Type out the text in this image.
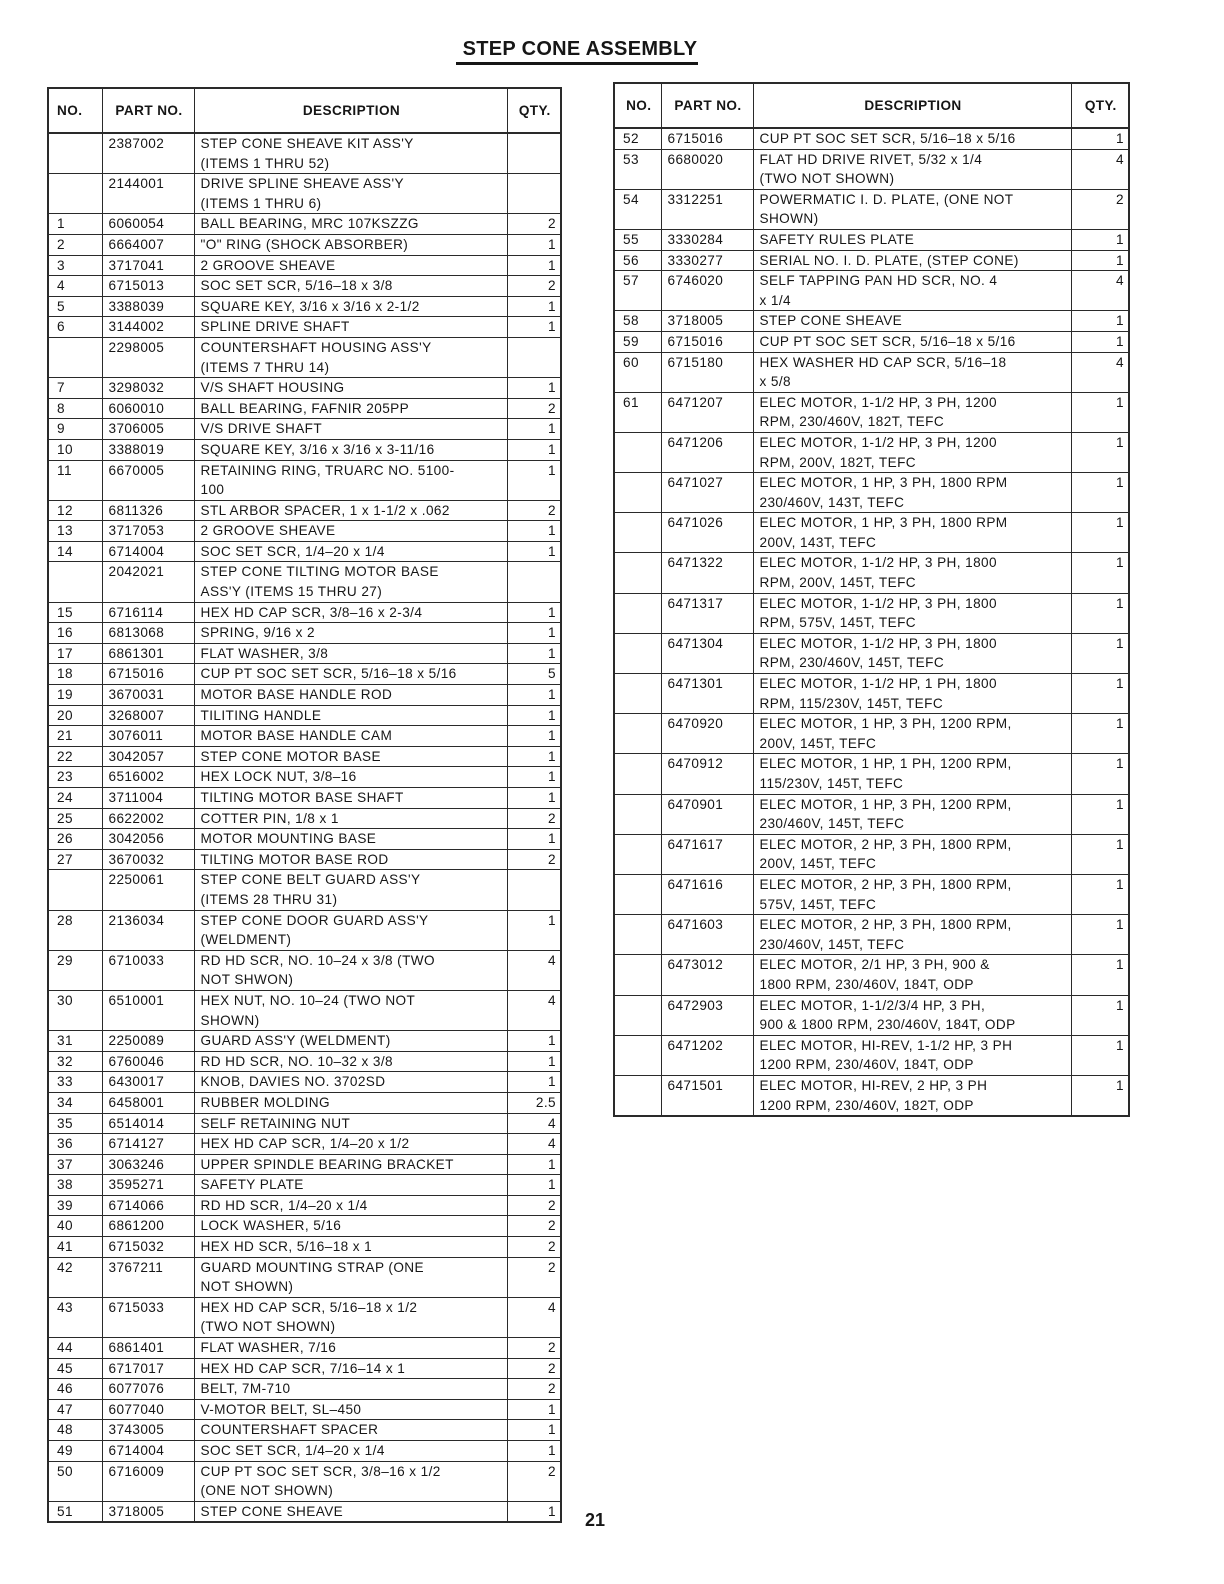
STEP CONE ASSEMBLY
NO.	PART NO.	DESCRIPTION	QTY.
	2387002	STEP CONE SHEAVE KIT ASS'Y
(ITEMS 1 THRU 52)	

	2144001	DRIVE SPLINE SHEAVE ASS'Y
(ITEMS 1 THRU 6)	

1	6060054	BALL BEARING, MRC 107KSZZG	2
2	6664007	"O" RING (SHOCK ABSORBER)	1
3	3717041	2 GROOVE SHEAVE	1
4	6715013	SOC SET SCR, 5/16–18 x 3/8	2
5	3388039	SQUARE KEY, 3/16 x 3/16 x 2-1/2	1
6	3144002	SPLINE DRIVE SHAFT	1
	2298005	COUNTERSHAFT HOUSING ASS'Y
(ITEMS 7 THRU 14)	

7	3298032	V/S SHAFT HOUSING	1
8	6060010	BALL BEARING, FAFNIR 205PP	2
9	3706005	V/S DRIVE SHAFT	1
10	3388019	SQUARE KEY, 3/16 x 3/16 x 3-11/16	1
11	6670005	RETAINING RING, TRUARC NO. 5100-
100	1
12	6811326	STL ARBOR SPACER, 1 x 1-1/2 x .062	2
13	3717053	2 GROOVE SHEAVE	1
14	6714004	SOC SET SCR, 1/4–20 x 1/4	1
	2042021	STEP CONE TILTING MOTOR BASE
ASS'Y (ITEMS 15 THRU 27)	

15	6716114	HEX HD CAP SCR, 3/8–16 x 2-3/4	1
16	6813068	SPRING, 9/16 x 2	1
17	6861301	FLAT WASHER, 3/8	1
18	6715016	CUP PT SOC SET SCR, 5/16–18 x 5/16	5
19	3670031	MOTOR BASE HANDLE ROD	1
20	3268007	TILITING HANDLE	1
21	3076011	MOTOR BASE HANDLE CAM	1
22	3042057	STEP CONE MOTOR BASE	1
23	6516002	HEX LOCK NUT, 3/8–16	1
24	3711004	TILTING MOTOR BASE SHAFT	1
25	6622002	COTTER PIN, 1/8 x 1	2
26	3042056	MOTOR MOUNTING BASE	1
27	3670032	TILTING MOTOR BASE ROD	2
	2250061	STEP CONE BELT GUARD ASS'Y
(ITEMS 28 THRU 31)	

28	2136034	STEP CONE DOOR GUARD ASS'Y
(WELDMENT)	1
29	6710033	RD HD SCR, NO. 10–24 x 3/8 (TWO
NOT SHWON)	4
30	6510001	HEX NUT, NO. 10–24 (TWO NOT
SHOWN)	4
31	2250089	GUARD ASS'Y (WELDMENT)	1
32	6760046	RD HD SCR, NO. 10–32 x 3/8	1
33	6430017	KNOB, DAVIES NO. 3702SD	1
34	6458001	RUBBER MOLDING	2.5
35	6514014	SELF RETAINING NUT	4
36	6714127	HEX HD CAP SCR, 1/4–20 x 1/2	4
37	3063246	UPPER SPINDLE BEARING BRACKET	1
38	3595271	SAFETY PLATE	1
39	6714066	RD HD SCR, 1/4–20 x 1/4	2
40	6861200	LOCK WASHER, 5/16	2
41	6715032	HEX HD SCR, 5/16–18 x 1	2
42	3767211	GUARD MOUNTING STRAP (ONE
NOT SHOWN)	2
43	6715033	HEX HD CAP SCR, 5/16–18 x 1/2
(TWO NOT SHOWN)	4
44	6861401	FLAT WASHER, 7/16	2
45	6717017	HEX HD CAP SCR, 7/16–14 x 1	2
46	6077076	BELT, 7M-710	2
47	6077040	V-MOTOR BELT, SL–450	1
48	3743005	COUNTERSHAFT SPACER	1
49	6714004	SOC SET SCR, 1/4–20 x 1/4	1
50	6716009	CUP PT SOC SET SCR, 3/8–16 x 1/2
(ONE NOT SHOWN)	2
51	3718005	STEP CONE SHEAVE	1
NO.	PART NO.	DESCRIPTION	QTY.
52	6715016	CUP PT SOC SET SCR, 5/16–18 x 5/16	1
53	6680020	FLAT HD DRIVE RIVET, 5/32 x 1/4
(TWO NOT SHOWN)	4
54	3312251	POWERMATIC I. D. PLATE, (ONE NOT
SHOWN)	2
55	3330284	SAFETY RULES PLATE	1
56	3330277	SERIAL NO. I. D. PLATE, (STEP CONE)	1
57	6746020	SELF TAPPING PAN HD SCR, NO. 4
x 1/4	4
58	3718005	STEP CONE SHEAVE	1
59	6715016	CUP PT SOC SET SCR, 5/16–18 x 5/16	1
60	6715180	HEX WASHER HD CAP SCR, 5/16–18
x 5/8	4
61	6471207	ELEC MOTOR, 1-1/2 HP, 3 PH, 1200
RPM, 230/460V, 182T, TEFC	1
	6471206	ELEC MOTOR, 1-1/2 HP, 3 PH, 1200
RPM, 200V, 182T, TEFC	1
	6471027	ELEC MOTOR, 1 HP, 3 PH, 1800 RPM
230/460V, 143T, TEFC	1
	6471026	ELEC MOTOR, 1 HP, 3 PH, 1800 RPM
200V, 143T, TEFC	1
	6471322	ELEC MOTOR, 1-1/2 HP, 3 PH, 1800
RPM, 200V, 145T, TEFC	1
	6471317	ELEC MOTOR, 1-1/2 HP, 3 PH, 1800
RPM, 575V, 145T, TEFC	1
	6471304	ELEC MOTOR, 1-1/2 HP, 3 PH, 1800
RPM, 230/460V, 145T, TEFC	1
	6471301	ELEC MOTOR, 1-1/2 HP, 1 PH, 1800
RPM, 115/230V, 145T, TEFC	1
	6470920	ELEC MOTOR, 1 HP, 3 PH, 1200 RPM,
200V, 145T, TEFC	1
	6470912	ELEC MOTOR, 1 HP, 1 PH, 1200 RPM,
115/230V, 145T, TEFC	1
	6470901	ELEC MOTOR, 1 HP, 3 PH, 1200 RPM,
230/460V, 145T, TEFC	1
	6471617	ELEC MOTOR, 2 HP, 3 PH, 1800 RPM,
200V, 145T, TEFC	1
	6471616	ELEC MOTOR, 2 HP, 3 PH, 1800 RPM,
575V, 145T, TEFC	1
	6471603	ELEC MOTOR, 2 HP, 3 PH, 1800 RPM,
230/460V, 145T, TEFC	1
	6473012	ELEC MOTOR, 2/1 HP, 3 PH, 900 &
1800 RPM, 230/460V, 184T, ODP	1
	6472903	ELEC MOTOR, 1-1/2/3/4 HP, 3 PH,
900 & 1800 RPM, 230/460V, 184T, ODP	1
	6471202	ELEC MOTOR, HI-REV, 1-1/2 HP, 3 PH
1200 RPM, 230/460V, 184T, ODP	1
	6471501	ELEC MOTOR, HI-REV, 2 HP, 3 PH
1200 RPM, 230/460V, 182T, ODP	1
21
